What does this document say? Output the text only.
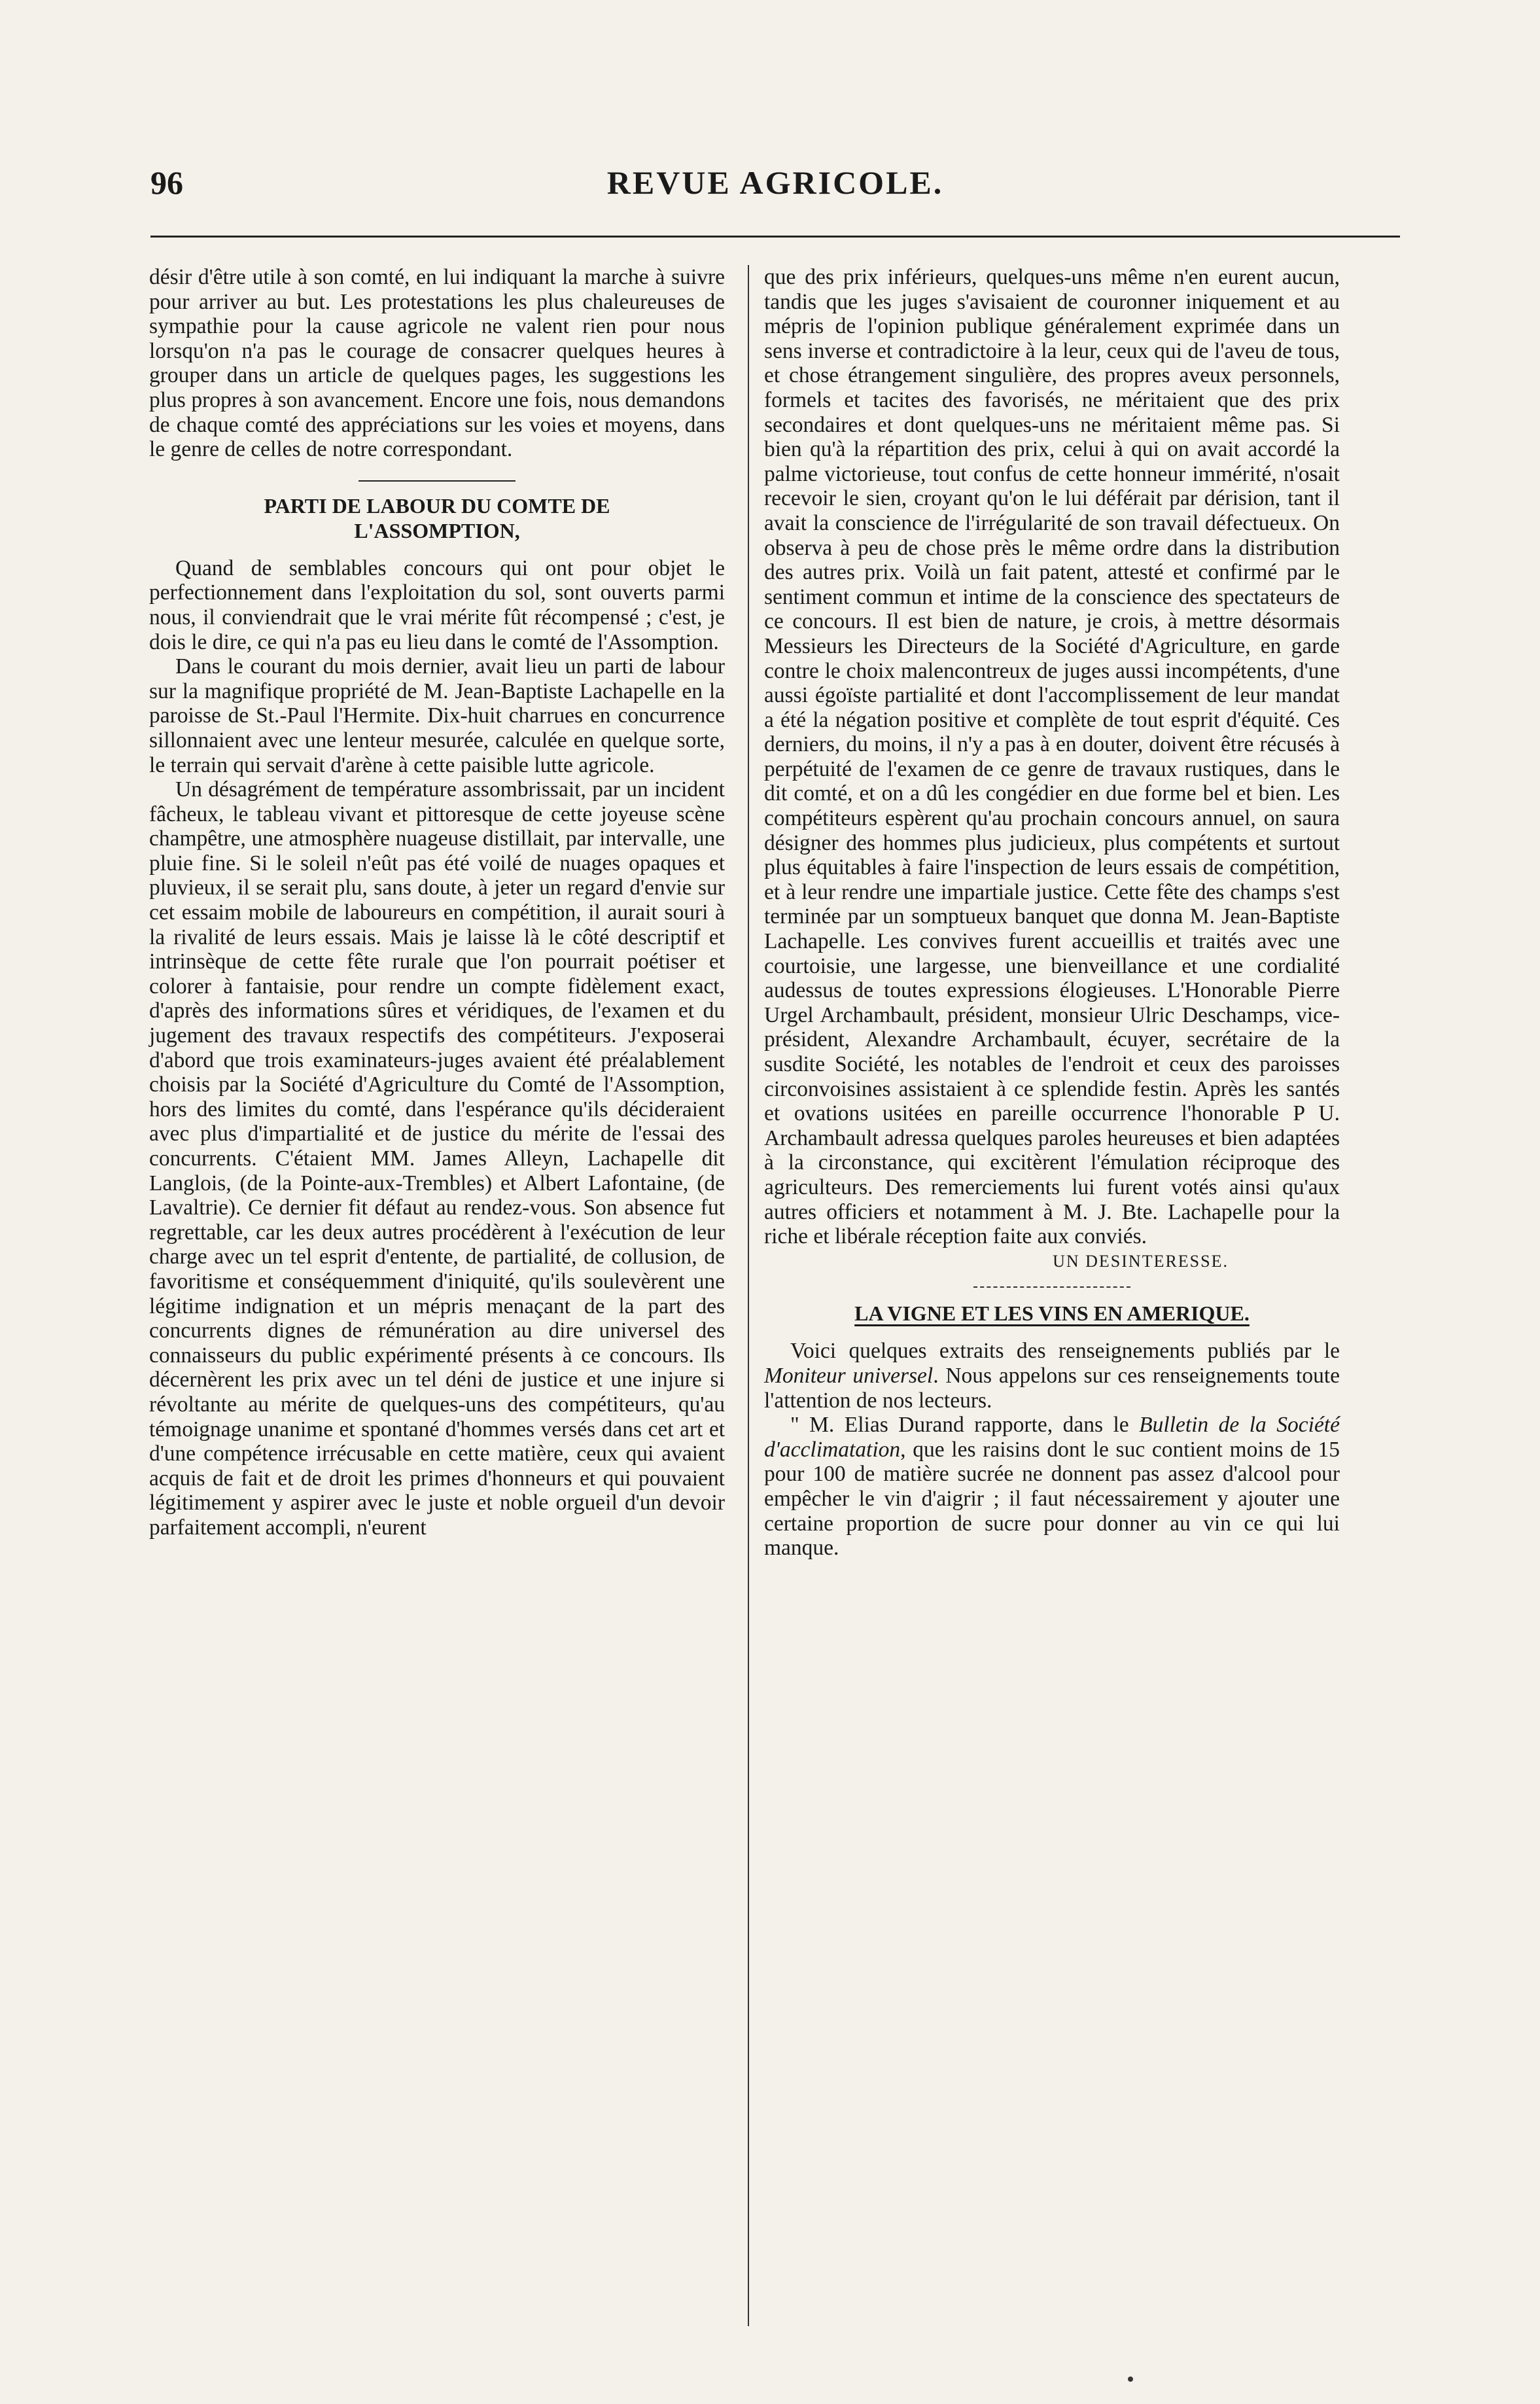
96	REVUE AGRICOLE.

désir d'être utile à son comté, en lui indiquant la marche à suivre pour arriver au but. Les protestations les plus chaleureuses de sympathie pour la cause agricole ne valent rien pour nous lorsqu'on n'a pas le courage de consacrer quelques heures à grouper dans un article de quelques pages, les suggestions les plus propres à son avancement. Encore une fois, nous demandons de chaque comté des appréciations sur les voies et moyens, dans le genre de celles de notre correspondant.

PARTI DE LABOUR DU COMTE DE
L'ASSOMPTION,

Quand de semblables concours qui ont pour objet le perfectionnement dans l'exploitation du sol, sont ouverts parmi nous, il conviendrait que le vrai mérite fût récompensé ; c'est, je dois le dire, ce qui n'a pas eu lieu dans le comté de l'Assomption.

Dans le courant du mois dernier, avait lieu un parti de labour sur la magnifique propriété de M. Jean-Baptiste Lachapelle en la paroisse de St.-Paul l'Hermite. Dix-huit charrues en concurrence sillonnaient avec une lenteur mesurée, calculée en quelque sorte, le terrain qui servait d'arène à cette paisible lutte agricole.

Un désagrément de température assombrissait, par un incident fâcheux, le tableau vivant et pittoresque de cette joyeuse scène champêtre, une atmosphère nuageuse distillait, par intervalle, une pluie fine. Si le soleil n'eût pas été voilé de nuages opaques et pluvieux, il se serait plu, sans doute, à jeter un regard d'envie sur cet essaim mobile de laboureurs en compétition, il aurait souri à la rivalité de leurs essais. Mais je laisse là le côté descriptif et intrinsèque de cette fête rurale que l'on pourrait poétiser et colorer à fantaisie, pour rendre un compte fidèlement exact, d'après des informations sûres et véridiques, de l'examen et du jugement des travaux respectifs des compétiteurs. J'exposerai d'abord que trois examinateurs-juges avaient été préalablement choisis par la Société d'Agriculture du Comté de l'Assomption, hors des limites du comté, dans l'espérance qu'ils décideraient avec plus d'impartialité et de justice du mérite de l'essai des concurrents. C'étaient MM. James Alleyn, Lachapelle dit Langlois, (de la Pointe-aux-Trembles) et Albert Lafontaine, (de Lavaltrie). Ce dernier fit défaut au rendez-vous. Son absence fut regrettable, car les deux autres procédèrent à l'exécution de leur charge avec un tel esprit d'entente, de partialité, de collusion, de favoritisme et conséquemment d'iniquité, qu'ils soulevèrent une légitime indignation et un mépris menaçant de la part des concurrents dignes de rémunération au dire universel des connaisseurs du public expérimenté présents à ce concours. Ils décernèrent les prix avec un tel déni de justice et une injure si révoltante au mérite de quelques-uns des compétiteurs, qu'au témoignage unanime et spontané d'hommes versés dans cet art et d'une compétence irrécusable en cette matière, ceux qui avaient acquis de fait et de droit les primes d'honneurs et qui pouvaient légitimement y aspirer avec le juste et noble orgueil d'un devoir parfaitement accompli, n'eurent

que des prix inférieurs, quelques-uns même n'en eurent aucun, tandis que les juges s'avisaient de couronner iniquement et au mépris de l'opinion publique généralement exprimée dans un sens inverse et contradictoire à la leur, ceux qui de l'aveu de tous, et chose étrangement singulière, des propres aveux personnels, formels et tacites des favorisés, ne méritaient que des prix secondaires et dont quelques-uns ne méritaient même pas. Si bien qu'à la répartition des prix, celui à qui on avait accordé la palme victorieuse, tout confus de cette honneur immérité, n'osait recevoir le sien, croyant qu'on le lui déférait par dérision, tant il avait la conscience de l'irrégularité de son travail défectueux. On observa à peu de chose près le même ordre dans la distribution des autres prix. Voilà un fait patent, attesté et confirmé par le sentiment commun et intime de la conscience des spectateurs de ce concours. Il est bien de nature, je crois, à mettre désormais Messieurs les Directeurs de la Société d'Agriculture, en garde contre le choix malencontreux de juges aussi incompétents, d'une aussi égoïste partialité et dont l'accomplissement de leur mandat a été la négation positive et complète de tout esprit d'équité. Ces derniers, du moins, il n'y a pas à en douter, doivent être récusés à perpétuité de l'examen de ce genre de travaux rustiques, dans le dit comté, et on a dû les congédier en due forme bel et bien. Les compétiteurs espèrent qu'au prochain concours annuel, on saura désigner des hommes plus judicieux, plus compétents et surtout plus équitables à faire l'inspection de leurs essais de compétition, et à leur rendre une impartiale justice. Cette fête des champs s'est terminée par un somptueux banquet que donna M. Jean-Baptiste Lachapelle. Les convives furent accueillis et traités avec une courtoisie, une largesse, une bienveillance et une cordialité audessus de toutes expressions élogieuses. L'Honorable Pierre Urgel Archambault, président, monsieur Ulric Deschamps, vice-président, Alexandre Archambault, écuyer, secrétaire de la susdite Société, les notables de l'endroit et ceux des paroisses circonvoisines assistaient à ce splendide festin. Après les santés et ovations usitées en pareille occurrence l'honorable P U. Archambault adressa quelques paroles heureuses et bien adaptées à la circonstance, qui excitèrent l'émulation réciproque des agriculteurs. Des remerciements lui furent votés ainsi qu'aux autres officiers et notamment à M. J. Bte. Lachapelle pour la riche et libérale réception faite aux conviés.

UN DESINTERESSE.

LA VIGNE ET LES VINS EN AMERIQUE.

Voici quelques extraits des renseignements publiés par le Moniteur universel. Nous appelons sur ces renseignements toute l'attention de nos lecteurs.

" M. Elias Durand rapporte, dans le Bulletin de la Société d'acclimatation, que les raisins dont le suc contient moins de 15 pour 100 de matière sucrée ne donnent pas assez d'alcool pour empêcher le vin d'aigrir ; il faut nécessairement y ajouter une certaine proportion de sucre pour donner au vin ce qui lui manque.
